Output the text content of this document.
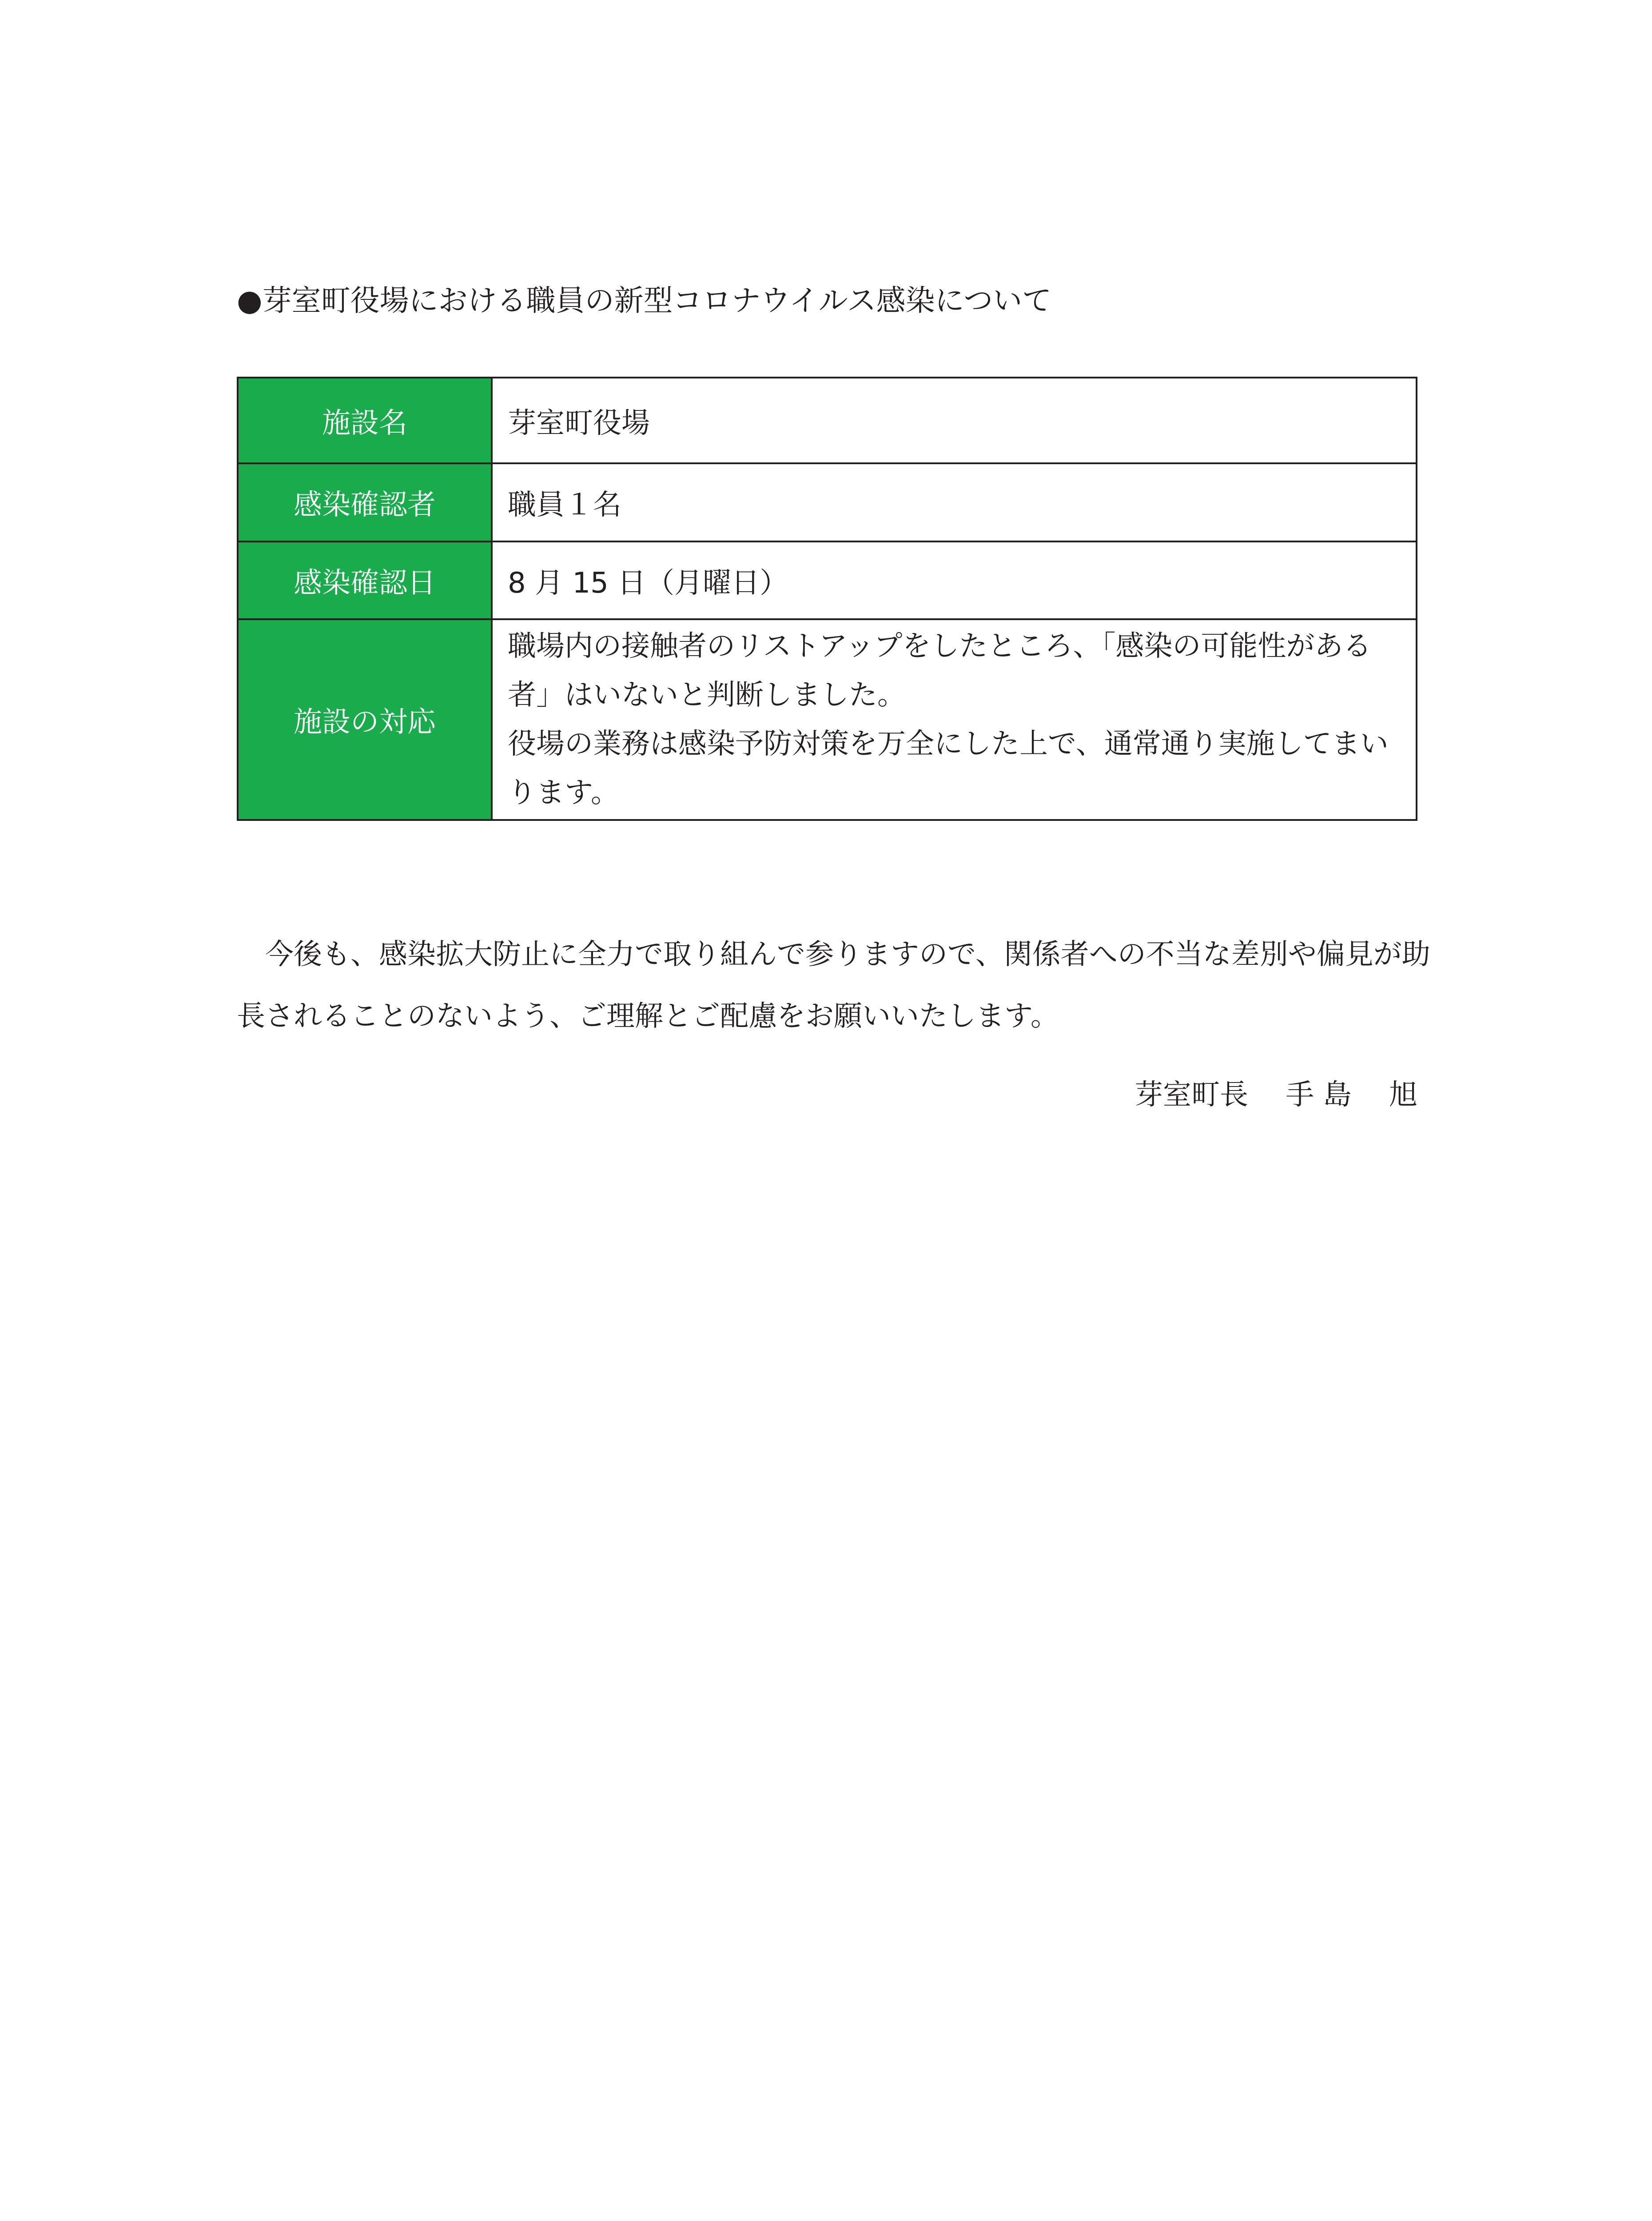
●芽室町役場における職員の新型コロナウイルス感染について
施設名	芽室町役場
感染確認者	職員１名
感染確認日	8 月 15 日（月曜日）
施設の対応	職場内の接触者のリストアップをしたところ、「感染の可能性がある
者」はいないと判断しました。
役場の業務は感染予防対策を万全にした上で、通常通り実施してまい
ります。
　今後も、感染拡大防止に全力で取り組んで参りますので、関係者への不当な差別や偏見が助
長されることのないよう、ご理解とご配慮をお願いいたします。
芽室町長　 手 島　 旭
